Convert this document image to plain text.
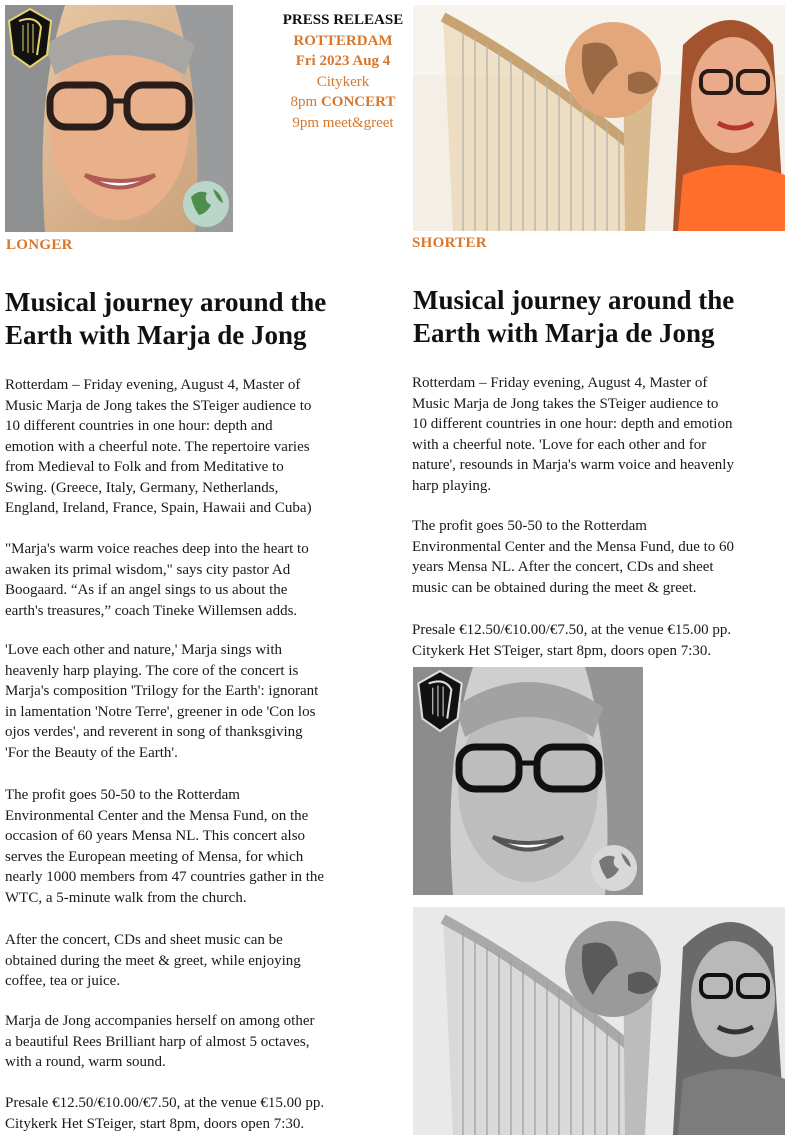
PRESS RELEASE
ROTTERDAM
Fri 2023 Aug 4
Citykerk
8pm CONCERT
9pm meet&greet
LONGER	SHORTER
Musical journey around the
Earth with Marja de Jong
Musical journey around the
Earth with Marja de Jong
Rotterdam – Friday evening, August 4, Master of
Music Marja de Jong takes the STeiger audience to
10 different countries in one hour: depth and
emotion with a cheerful note. The repertoire varies
from Medieval to Folk and from Meditative to
Swing. (Greece, Italy, Germany, Netherlands,
England, Ireland, France, Spain, Hawaii and Cuba)
"Marja's warm voice reaches deep into the heart to
awaken its primal wisdom," says city pastor Ad
Boogaard. “As if an angel sings to us about the
earth's treasures,” coach Tineke Willemsen adds.
'Love each other and nature,' Marja sings with
heavenly harp playing. The core of the concert is
Marja's composition 'Trilogy for the Earth': ignorant
in lamentation 'Notre Terre', greener in ode 'Con los
ojos verdes', and reverent in song of thanksgiving
'For the Beauty of the Earth'.
The profit goes 50-50 to the Rotterdam
Environmental Center and the Mensa Fund, on the
occasion of 60 years Mensa NL. This concert also
serves the European meeting of Mensa, for which
nearly 1000 members from 47 countries gather in the
WTC, a 5-minute walk from the church.
After the concert, CDs and sheet music can be
obtained during the meet & greet, while enjoying
coffee, tea or juice.
Marja de Jong accompanies herself on among other
a beautiful Rees Brilliant harp of almost 5 octaves,
with a round, warm sound.
Presale €12.50/€10.00/€7.50, at the venue €15.00 pp.
Citykerk Het STeiger, start 8pm, doors open 7:30.
Rotterdam – Friday evening, August 4, Master of
Music Marja de Jong takes the STeiger audience to
10 different countries in one hour: depth and emotion
with a cheerful note. 'Love for each other and for
nature', resounds in Marja's warm voice and heavenly
harp playing.
The profit goes 50-50 to the Rotterdam
Environmental Center and the Mensa Fund, due to 60
years Mensa NL. After the concert, CDs and sheet
music can be obtained during the meet & greet.
Presale €12.50/€10.00/€7.50, at the venue €15.00 pp.
Citykerk Het STeiger, start 8pm, doors open 7:30.
